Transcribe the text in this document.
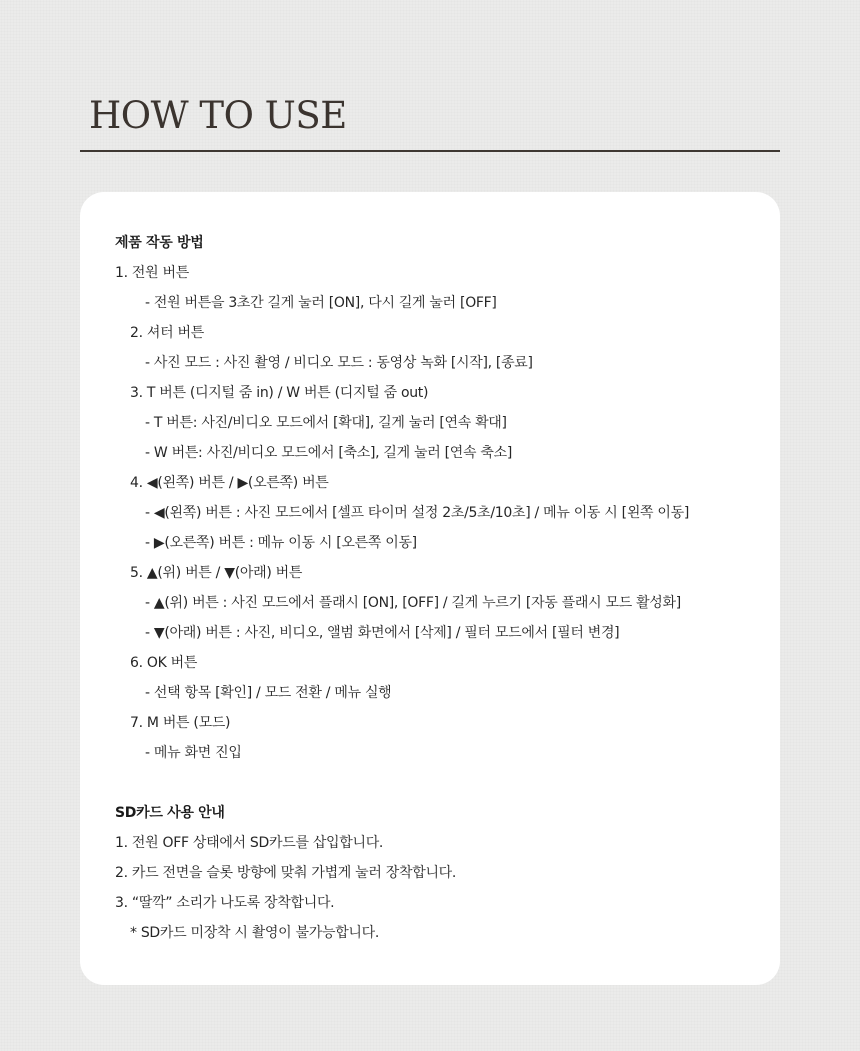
HOW TO USE
제품 작동 방법
1. 전원 버튼
- 전원 버튼을 3초간 길게 눌러 [ON], 다시 길게 눌러 [OFF]
2. 셔터 버튼
- 사진 모드 : 사진 촬영 / 비디오 모드 : 동영상 녹화 [시작], [종료]
3. T 버튼 (디지털 줌 in) / W 버튼 (디지털 줌 out)
- T 버튼: 사진/비디오 모드에서 [확대], 길게 눌러 [연속 확대]
- W 버튼: 사진/비디오 모드에서 [축소], 길게 눌러 [연속 축소]
4. ◀(왼쪽) 버튼 / ▶(오른쪽) 버튼
- ◀(왼쪽) 버튼 : 사진 모드에서 [셀프 타이머 설정 2초/5초/10초] / 메뉴 이동 시 [왼쪽 이동]
- ▶(오른쪽) 버튼 : 메뉴 이동 시 [오른쪽 이동]
5. ▲(위) 버튼 / ▼(아래) 버튼
- ▲(위) 버튼 : 사진 모드에서 플래시 [ON], [OFF] / 길게 누르기 [자동 플래시 모드 활성화]
- ▼(아래) 버튼 : 사진, 비디오, 앨범 화면에서 [삭제] / 필터 모드에서 [필터 변경]
6. OK 버튼
- 선택 항목 [확인] / 모드 전환 / 메뉴 실행
7. M 버튼 (모드)
- 메뉴 화면 진입
SD카드 사용 안내
1. 전원 OFF 상태에서 SD카드를 삽입합니다.
2. 카드 전면을 슬롯 방향에 맞춰 가볍게 눌러 장착합니다.
3. “딸깍” 소리가 나도록 장착합니다.
* SD카드 미장착 시 촬영이 불가능합니다.
